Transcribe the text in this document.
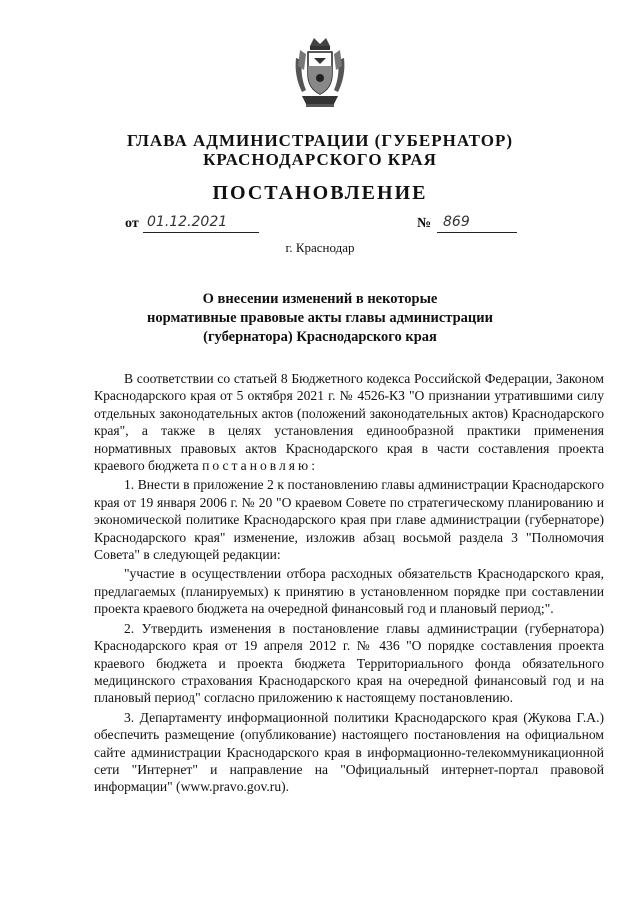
ГЛАВА АДМИНИСТРАЦИИ (ГУБЕРНАТОР)
КРАСНОДАРСКОГО КРАЯ
ПОСТАНОВЛЕНИЕ
от 01.12.2021	№ 869
г. Краснодар
О внесении изменений в некоторые
нормативные правовые акты главы администрации
(губернатора) Краснодарского края

В соответствии со статьей 8 Бюджетного кодекса Российской Федерации, Законом Краснодарского края от 5 октября 2021 г. № 4526-КЗ "О признании утратившими силу отдельных законодательных актов (положений законодательных актов) Краснодарского края", а также в целях установления единообразной практики применения нормативных правовых актов Краснодарского края в части составления проекта краевого бюджета постановляю:

1. Внести в приложение 2 к постановлению главы администрации Краснодарского края от 19 января 2006 г. № 20 "О краевом Совете по стратегическому планированию и экономической политике Краснодарского края при главе администрации (губернаторе) Краснодарского края" изменение, изложив абзац восьмой раздела 3 "Полномочия Совета" в следующей редакции:

"участие в осуществлении отбора расходных обязательств Краснодарского края, предлагаемых (планируемых) к принятию в установленном порядке при составлении проекта краевого бюджета на очередной финансовый год и плановый период;".

2. Утвердить изменения в постановление главы администрации (губернатора) Краснодарского края от 19 апреля 2012 г. № 436 "О порядке составления проекта краевого бюджета и проекта бюджета Территориального фонда обязательного медицинского страхования Краснодарского края на очередной финансовый год и на плановый период" согласно приложению к настоящему постановлению.

3. Департаменту информационной политики Краснодарского края (Жукова Г.А.) обеспечить размещение (опубликование) настоящего постановления на официальном сайте администрации Краснодарского края в информационно-телекоммуникационной сети "Интернет" и направление на "Официальный интернет-портал правовой информации" (www.pravo.gov.ru).
